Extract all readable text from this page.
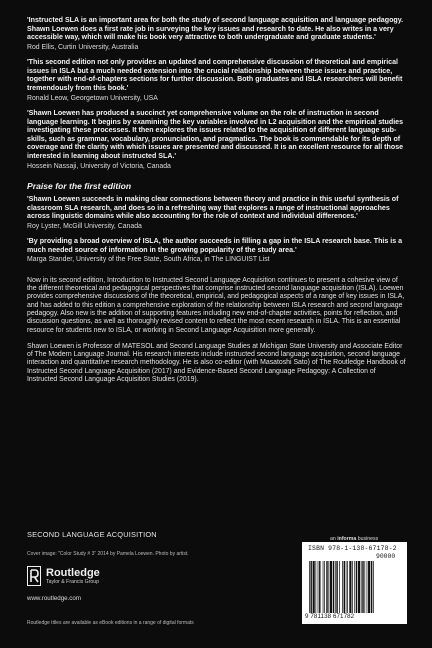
'Instructed SLA is an important area for both the study of second language acquisition and language pedagogy. Shawn Loewen does a first rate job in surveying the key issues and research to date. He also writes in a very accessible way, which will make his book very attractive to both undergraduate and graduate students.'

Rod Ellis, Curtin University, Australia

'This second edition not only provides an updated and comprehensive discussion of theoretical and empirical issues in ISLA but a much needed extension into the crucial relationship between these issues and practice, together with end-of-chapters sections for further discussion. Both graduates and ISLA researchers will benefit tremendously from this book.'

Ronald Leow, Georgetown University, USA

'Shawn Loewen has produced a succinct yet comprehensive volume on the role of instruction in second language learning. It begins by examining the key variables involved in L2 acquisition and the empirical studies investigating these processes. It then explores the issues related to the acquisition of different language sub-skills, such as grammar, vocabulary, pronunciation, and pragmatics. The book is commendable for its depth of coverage and the clarity with which issues are presented and discussed. It is an excellent resource for all those interested in learning about instructed SLA.'

Hossein Nassaji, University of Victoria, Canada

Praise for the first edition

'Shawn Loewen succeeds in making clear connections between theory and practice in this useful synthesis of classroom SLA research, and does so in a refreshing way that explores a range of instructional approaches across linguistic domains while also accounting for the role of context and individual differences.'

Roy Lyster, McGill University, Canada

'By providing a broad overview of ISLA, the author succeeds in filling a gap in the ISLA research base. This is a much needed source of information in the growing popularity of the study area.'

Marga Stander, University of the Free State, South Africa, in The LINGUIST List

Now in its second edition, Introduction to Instructed Second Language Acquisition continues to present a cohesive view of the different theoretical and pedagogical perspectives that comprise instructed second language acquisition (ISLA). Loewen provides comprehensive discussions of the theoretical, empirical, and pedagogical aspects of a range of key issues in ISLA, and has added to this edition a comprehensive exploration of the relationship between ISLA research and second language pedagogy. Also new is the addition of supporting features including new end-of-chapter activities, points for reflection, and discussion questions, as well as thoroughly revised content to reflect the most recent research in ISLA. This is an essential resource for students new to ISLA, or working in Second Language Acquisition more generally.

Shawn Loewen is Professor of MATESOL and Second Language Studies at Michigan State University and Associate Editor of The Modern Language Journal. His research interests include instructed second language acquisition, second language interaction and quantitative research methodology. He is also co-editor (with Masatoshi Sato) of The Routledge Handbook of Instructed Second Language Acquisition (2017) and Evidence-Based Second Language Pedagogy: A Collection of Instructed Second Language Acquisition Studies (2019).

SECOND LANGUAGE ACQUISITION
Cover image: "Color Study # 3" 2014 by Pamela Loewen. Photo by artist.
Routledge
Taylor & Francis Group
www.routledge.com
Routledge titles are available as eBook editions in a range of digital formats
an informa business
ISBN 978-1-138-67178-2
90000
9 781138 671782
